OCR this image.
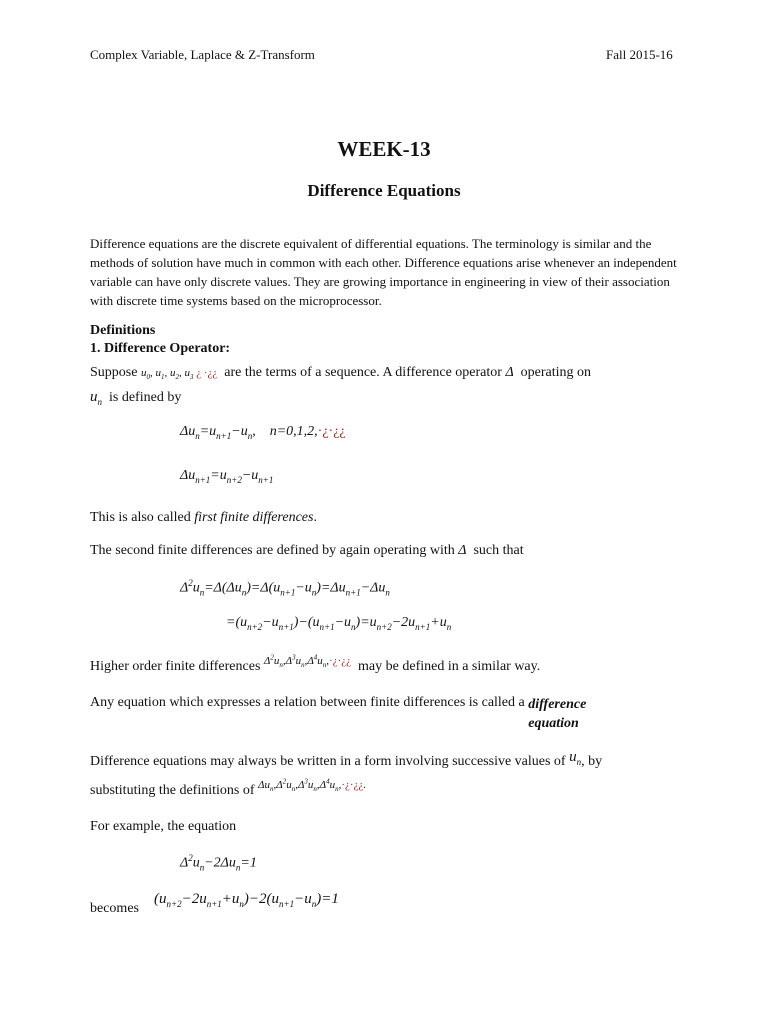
Complex Variable, Laplace & Z-Transform	Fall 2015-16
WEEK-13
Difference Equations
Difference equations are the discrete equivalent of differential equations. The terminology is similar and the methods of solution have much in common with each other. Difference equations arise whenever an independent variable can have only discrete values. They are growing importance in engineering in view of their association with discrete time systems based on the microprocessor.
Definitions
1. Difference Operator:
Suppose $u_0$, $u_1$, $u_2$, $u_3$ ¿ ·¿¿ are the terms of a sequence. A difference operator Δ operating on
$u_n$ is defined by
$\Delta u_n=u_{n+1}-u_n$,    n=0,1,2,·¿·¿¿
$\Delta u_{n+1}=u_{n+2}-u_{n+1}$
This is also called first finite differences.
The second finite differences are defined by again operating with Δ such that
$\Delta^2u_n=\Delta(\Delta u_n)=\Delta(u_{n+1}-u_n)=\Delta u_{n+1}-\Delta u_n$
$=(u_{n+2}-u_{n+1})-(u_{n+1}-u_n)=u_{n+2}-2u_{n+1}+u_n$
Higher order finite differences $^{\Delta^2u_n,\Delta^3u_n,\Delta^4u_n,\cdot¿\cdot¿¿}$ may be defined in a similar way.
Any equation which expresses a relation between finite differences is called a difference equation
Difference equations may always be written in a form involving successive values of $u_n$, by
substituting the definitions of $^{\Delta u_n,\Delta^2u_n,\Delta^3u_n,\Delta^4u_n,\cdot¿\cdot¿¿.}$
For example, the equation
$\Delta^2u_n-2\Delta u_n=1$
becomes
$(u_{n+2}-2u_{n+1}+u_n)-2(u_{n+1}-u_n)=1$
